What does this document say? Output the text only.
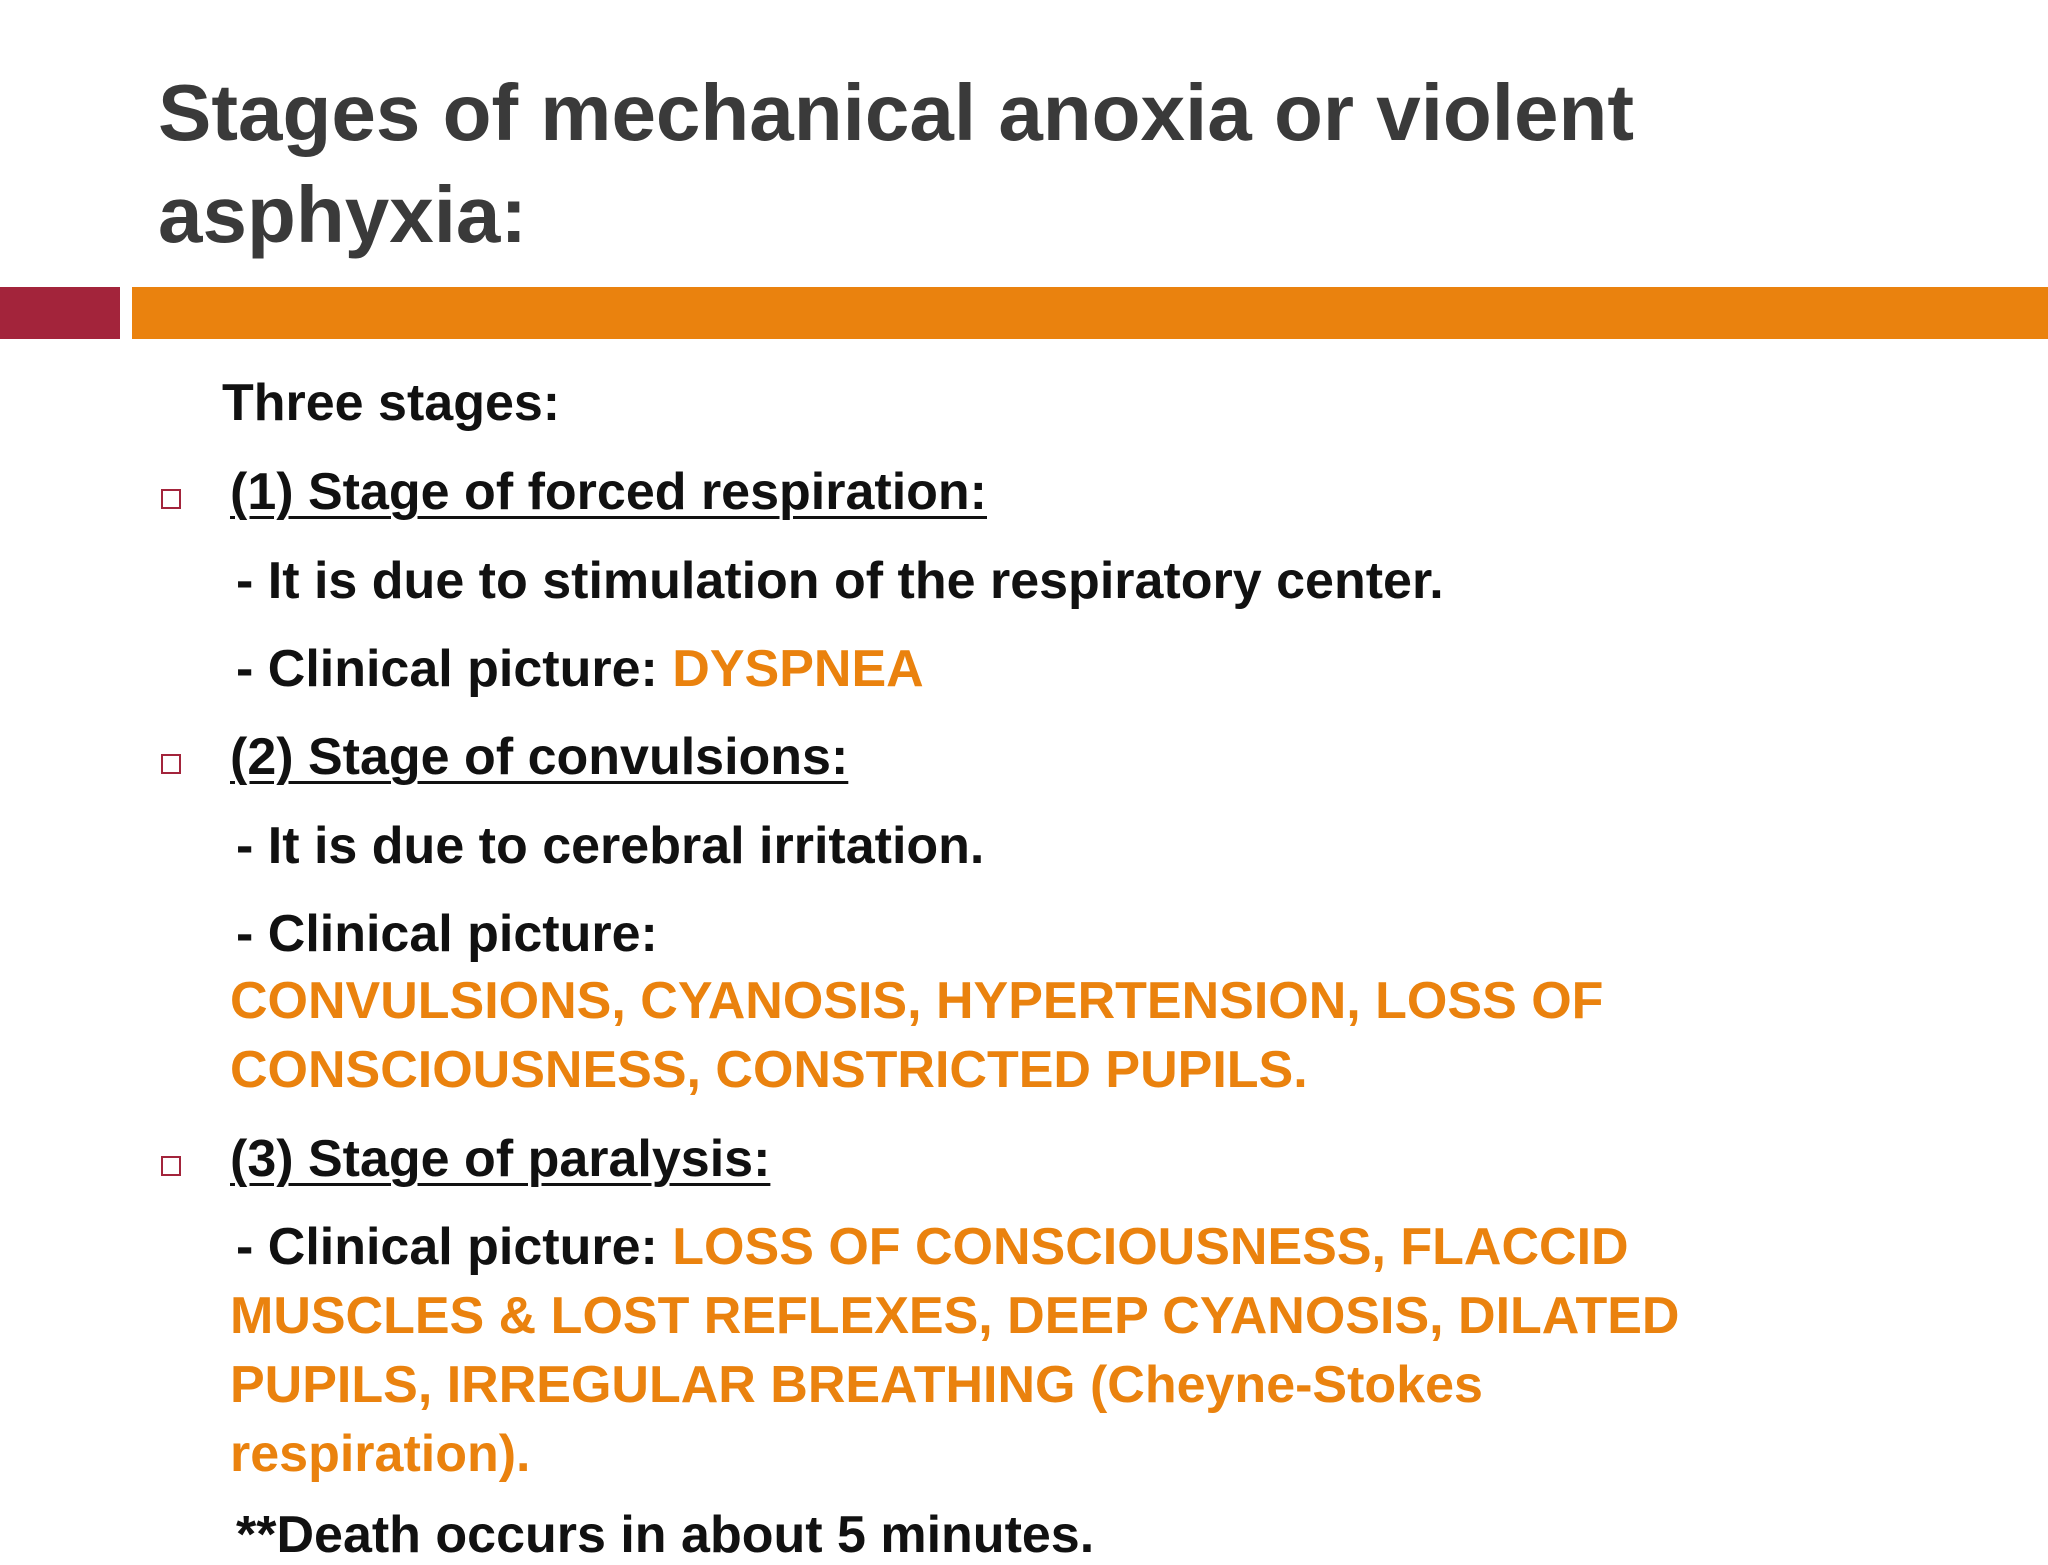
Stages of mechanical anoxia or violent asphyxia:
Three stages:
(1) Stage of forced respiration:
- It is due to stimulation of the respiratory center.
- Clinical picture: DYSPNEA
(2) Stage of convulsions:
- It is due to cerebral irritation.
- Clinical picture:
CONVULSIONS, CYANOSIS, HYPERTENSION, LOSS OF
CONSCIOUSNESS, CONSTRICTED PUPILS.
(3) Stage of paralysis:
- Clinical picture: LOSS OF CONSCIOUSNESS, FLACCID
MUSCLES & LOST REFLEXES, DEEP CYANOSIS, DILATED
PUPILS, IRREGULAR BREATHING (Cheyne-Stokes
respiration).
**Death occurs in about 5 minutes.
